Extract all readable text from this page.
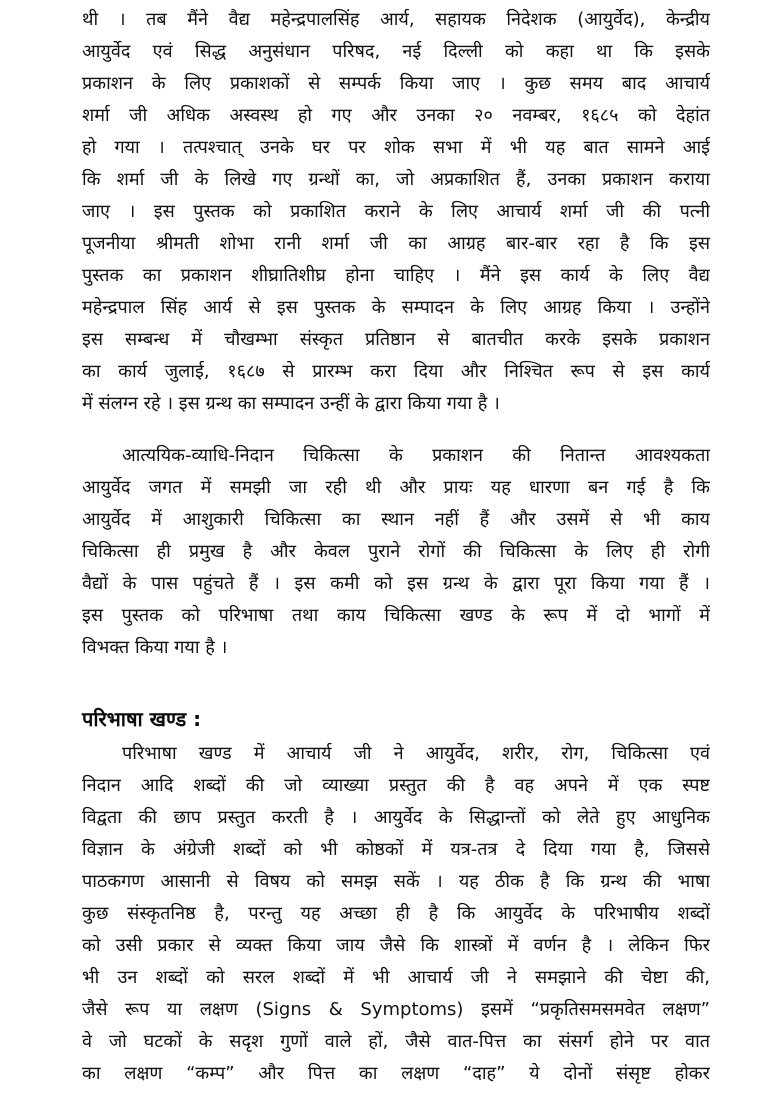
थी । तब मैंने वैद्य महेन्द्रपालसिंह आर्य, सहायक निदेशक (आयुर्वेद), केन्द्रीय
आयुर्वेद एवं सिद्ध अनुसंधान परिषद, नई दिल्ली को कहा था कि इसके
प्रकाशन के लिए प्रकाशकों से सम्पर्क किया जाए । कुछ समय बाद आचार्य
शर्मा जी अधिक अस्वस्थ हो गए और उनका २० नवम्बर, १६८५ को देहांत
हो गया । तत्पश्चात् उनके घर पर शोक सभा में भी यह बात सामने आई
कि शर्मा जी के लिखे गए ग्रन्थों का, जो अप्रकाशित हैं, उनका प्रकाशन कराया
जाए । इस पुस्तक को प्रकाशित कराने के लिए आचार्य शर्मा जी की पत्नी
पूजनीया श्रीमती शोभा रानी शर्मा जी का आग्रह बार-बार रहा है कि इस
पुस्तक का प्रकाशन शीघ्रातिशीघ्र होना चाहिए । मैंने इस कार्य के लिए वैद्य
महेन्द्रपाल सिंह आर्य से इस पुस्तक के सम्पादन के लिए आग्रह किया । उन्होंने
इस सम्बन्ध में चौखम्भा संस्कृत प्रतिष्ठान से बातचीत करके इसके प्रकाशन
का कार्य जुलाई, १६८७ से प्रारम्भ करा दिया और निश्चित रूप से इस कार्य
में संलग्न रहे । इस ग्रन्थ का सम्पादन उन्हीं के द्वारा किया गया है ।
आत्ययिक-व्याधि-निदान चिकित्सा के प्रकाशन की नितान्त आवश्यकता
आयुर्वेद जगत में समझी जा रही थी और प्रायः यह धारणा बन गई है कि
आयुर्वेद में आशुकारी चिकित्सा का स्थान नहीं हैं और उसमें से भी काय
चिकित्सा ही प्रमुख है और केवल पुराने रोगों की चिकित्सा के लिए ही रोगी
वैद्यों के पास पहुंचते हैं । इस कमी को इस ग्रन्थ के द्वारा पूरा किया गया हैं ।
इस पुस्तक को परिभाषा तथा काय चिकित्सा खण्ड के रूप में दो भागों में
विभक्त किया गया है ।
परिभाषा खण्ड :
परिभाषा खण्ड में आचार्य जी ने आयुर्वेद, शरीर, रोग, चिकित्सा एवं
निदान आदि शब्दों की जो व्याख्या प्रस्तुत की है वह अपने में एक स्पष्ट
विद्वता की छाप प्रस्तुत करती है । आयुर्वेद के सिद्धान्तों को लेते हुए आधुनिक
विज्ञान के अंग्रेजी शब्दों को भी कोष्ठकों में यत्र-तत्र दे दिया गया है, जिससे
पाठकगण आसानी से विषय को समझ सकें । यह ठीक है कि ग्रन्थ की भाषा
कुछ संस्कृतनिष्ठ है, परन्तु यह अच्छा ही है कि आयुर्वेद के परिभाषीय शब्दों
को उसी प्रकार से व्यक्त किया जाय जैसे कि शास्त्रों में वर्णन है । लेकिन फिर
भी उन शब्दों को सरल शब्दों में भी आचार्य जी ने समझाने की चेष्टा की,
जैसे रूप या लक्षण (Signs & Symptoms) इसमें “प्रकृतिसमसमवेत लक्षण”
वे जो घटकों के सदृश गुणों वाले हों, जैसे वात-पित्त का संसर्ग होने पर वात
का लक्षण “कम्प” और पित्त का लक्षण “दाह” ये दोनों संसृष्ट होकर
